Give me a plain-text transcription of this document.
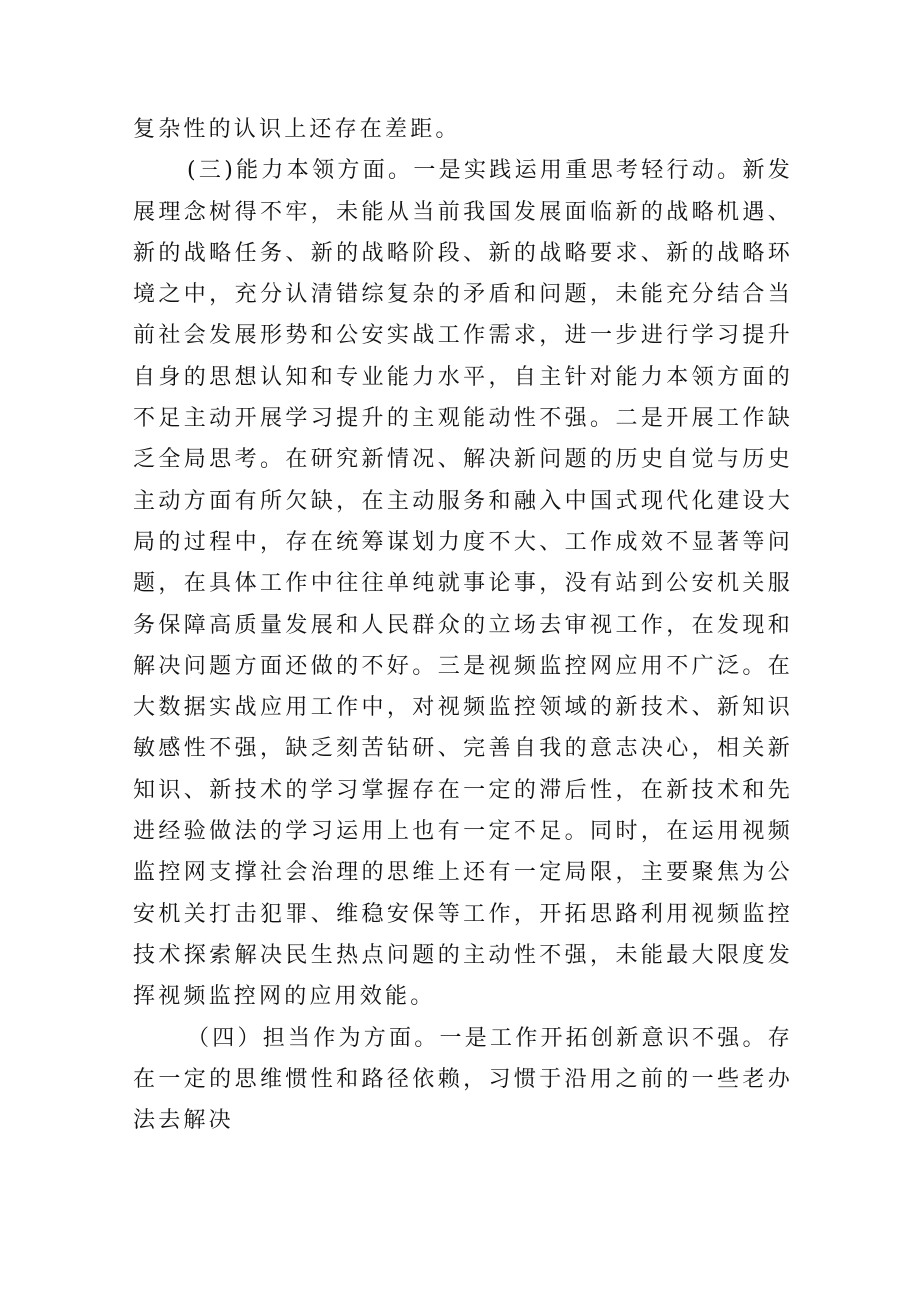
复杂性的认识上还存在差距。

(三)能力本领方面。一是实践运用重思考轻行动。新发展理念树得不牢，未能从当前我国发展面临新的战略机遇、新的战略任务、新的战略阶段、新的战略要求、新的战略环境之中，充分认清错综复杂的矛盾和问题，未能充分结合当前社会发展形势和公安实战工作需求，进一步进行学习提升自身的思想认知和专业能力水平，自主针对能力本领方面的不足主动开展学习提升的主观能动性不强。二是开展工作缺乏全局思考。在研究新情况、解决新问题的历史自觉与历史主动方面有所欠缺，在主动服务和融入中国式现代化建设大局的过程中，存在统筹谋划力度不大、工作成效不显著等问题，在具体工作中往往单纯就事论事，没有站到公安机关服务保障高质量发展和人民群众的立场去审视工作，在发现和解决问题方面还做的不好。三是视频监控网应用不广泛。在大数据实战应用工作中，对视频监控领域的新技术、新知识敏感性不强，缺乏刻苦钻研、完善自我的意志决心，相关新知识、新技术的学习掌握存在一定的滞后性，在新技术和先进经验做法的学习运用上也有一定不足。同时，在运用视频监控网支撑社会治理的思维上还有一定局限，主要聚焦为公安机关打击犯罪、维稳安保等工作，开拓思路利用视频监控技术探索解决民生热点问题的主动性不强，未能最大限度发挥视频监控网的应用效能。

（四）担当作为方面。一是工作开拓创新意识不强。存在一定的思维惯性和路径依赖，习惯于沿用之前的一些老办法去解决
